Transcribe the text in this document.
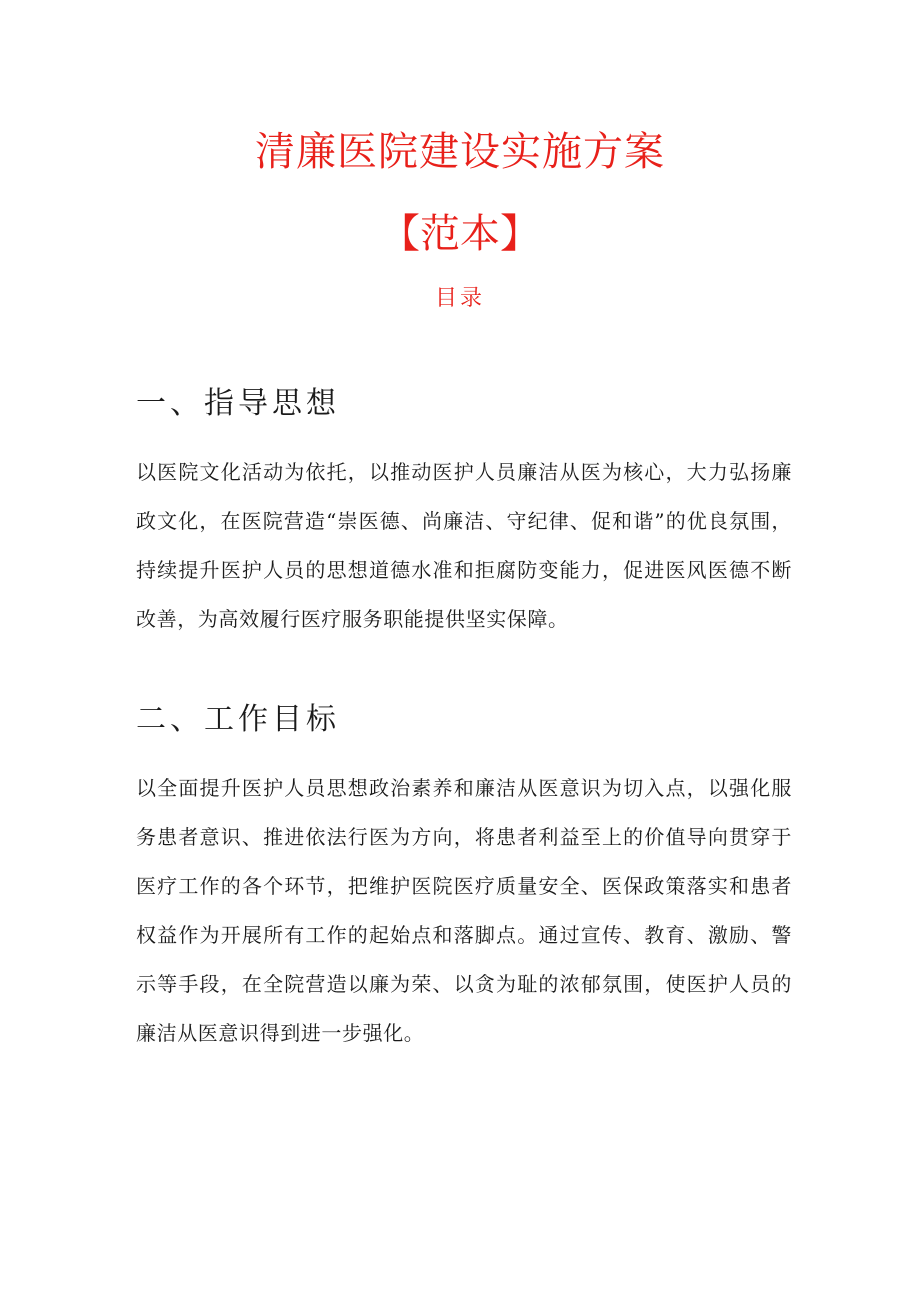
清廉医院建设实施方案
【范本】
目录
一、指导思想
以医院文化活动为依托，以推动医护人员廉洁从医为核心，大力弘扬廉政文化，在医院营造“崇医德、尚廉洁、守纪律、促和谐”的优良氛围，持续提升医护人员的思想道德水准和拒腐防变能力，促进医风医德不断改善，为高效履行医疗服务职能提供坚实保障。
二、工作目标
以全面提升医护人员思想政治素养和廉洁从医意识为切入点，以强化服务患者意识、推进依法行医为方向，将患者利益至上的价值导向贯穿于医疗工作的各个环节，把维护医院医疗质量安全、医保政策落实和患者权益作为开展所有工作的起始点和落脚点。通过宣传、教育、激励、警示等手段，在全院营造以廉为荣、以贪为耻的浓郁氛围，使医护人员的廉洁从医意识得到进一步强化。
